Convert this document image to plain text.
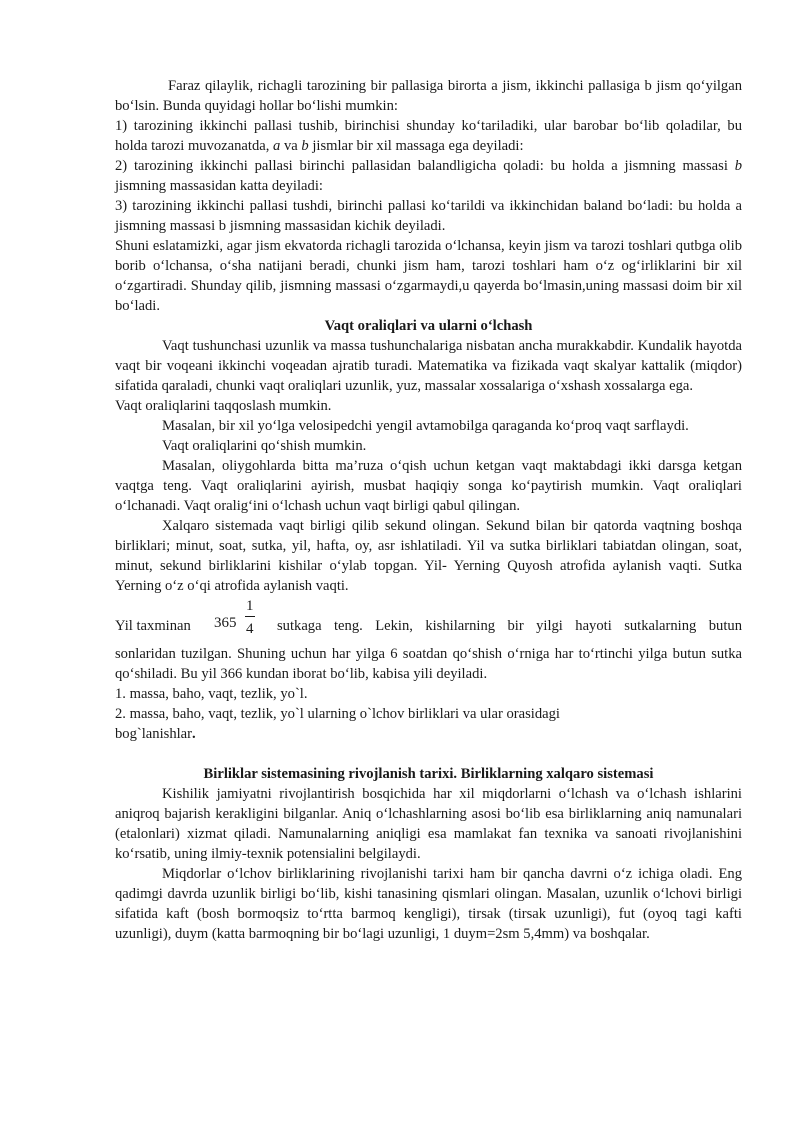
Faraz qilaylik, richagli tarozining bir pallasiga birorta a jism, ikkinchi pallasiga b jism qo‘yilgan bo‘lsin. Bunda quyidagi hollar bo‘lishi mumkin:

1) tarozining ikkinchi pallasi tushib, birinchisi shunday ko‘tariladiki, ular barobar bo‘lib qoladilar, bu holda tarozi muvozanatda, a va b jismlar bir xil massaga ega deyiladi:

2) tarozining ikkinchi pallasi birinchi pallasidan balandligicha qoladi: bu holda a jismning massasi b jismning massasidan katta deyiladi:

3) tarozining ikkinchi pallasi tushdi, birinchi pallasi ko‘tarildi va ikkinchidan baland bo‘ladi: bu holda a jismning massasi b jismning massasidan kichik deyiladi.

Shuni eslatamizki, agar jism ekvatorda richagli tarozida o‘lchansa, keyin jism va tarozi toshlari qutbga olib borib o‘lchansa, o‘sha natijani beradi, chunki jism ham, tarozi toshlari ham o‘z og‘irliklarini bir xil o‘zgartiradi. Shunday qilib, jismning massasi o‘zgarmaydi,u qayerda bo‘lmasin,uning massasi doim bir xil bo‘ladi.

Vaqt oraliqlari va ularni o‘lchash

Vaqt tushunchasi uzunlik va massa tushunchalariga nisbatan ancha murakkabdir. Kundalik hayotda vaqt bir voqeani ikkinchi voqeadan ajratib turadi. Matematika va fizikada vaqt skalyar kattalik (miqdor) sifatida qaraladi, chunki vaqt oraliqlari uzunlik, yuz, massalar xossalariga o‘xshash xossalarga ega.

Vaqt oraliqlarini taqqoslash mumkin.

Masalan, bir xil yo‘lga velosipedchi yengil avtamobilga qaraganda ko‘proq vaqt sarflaydi.

Vaqt oraliqlarini qo‘shish mumkin.

Masalan, oliygohlarda bitta ma’ruza o‘qish uchun ketgan vaqt maktabdagi ikki darsga ketgan vaqtga teng. Vaqt oraliqlarini ayirish, musbat haqiqiy songa ko‘paytirish mumkin. Vaqt oraliqlari o‘lchanadi. Vaqt oralig‘ini o‘lchash uchun vaqt birligi qabul qilingan.

Xalqaro sistemada vaqt birligi qilib sekund olingan. Sekund bilan bir qatorda vaqtning boshqa birliklari; minut, soat, sutka, yil, hafta, oy, asr ishlatiladi. Yil va sutka birliklari tabiatdan olingan, soat, minut, sekund birliklarini kishilar o‘ylab topgan. Yil- Yerning Quyosh atrofida aylanish vaqti. Sutka Yerning o‘z o‘qi atrofida aylanish vaqti.

Yil taxminan 365
1
4 sutkaga teng. Lekin, kishilarning bir yilgi hayoti sutkalarning butun

sonlaridan tuzilgan. Shuning uchun har yilga 6 soatdan qo‘shish o‘rniga har to‘rtinchi yilga butun sutka qo‘shiladi. Bu yil 366 kundan iborat bo‘lib, kabisa yili deyiladi.

1. massa, baho, vaqt, tezlik, yo`l.

2. massa, baho, vaqt, tezlik, yo`l ularning o`lchov birliklari va ular orasidagi

bog`lanishlar.

Birliklar sistemasining rivojlanish tarixi. Birliklarning xalqaro sistemasi

Kishilik jamiyatni rivojlantirish bosqichida har xil miqdorlarni o‘lchash va o‘lchash ishlarini aniqroq bajarish kerakligini bilganlar. Aniq o‘lchashlarning asosi bo‘lib esa birliklarning aniq namunalari (etalonlari) xizmat qiladi. Namunalarning aniqligi esa mamlakat fan texnika va sanoati rivojlanishini ko‘rsatib, uning ilmiy-texnik potensialini belgilaydi.

Miqdorlar o‘lchov birliklarining rivojlanishi tarixi ham bir qancha davrni o‘z ichiga oladi. Eng qadimgi davrda uzunlik birligi bo‘lib, kishi tanasining qismlari olingan. Masalan, uzunlik o‘lchovi birligi sifatida kaft (bosh bormoqsiz to‘rtta barmoq kengligi), tirsak (tirsak uzunligi), fut (oyoq tagi kafti uzunligi), duym (katta barmoqning bir bo‘lagi uzunligi, 1 duym=2sm 5,4mm) va boshqalar.
